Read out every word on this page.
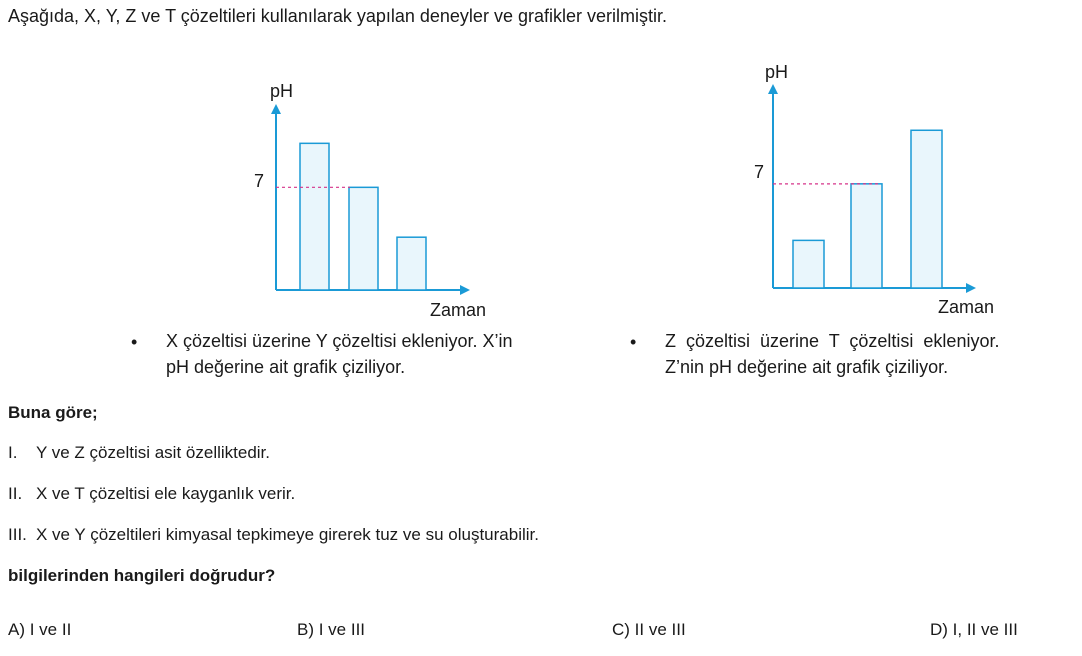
Aşağıda, X, Y, Z ve T çözeltileri kullanılarak yapılan deneyler ve grafikler verilmiştir.
pH
Zaman
7
pH
Zaman
7
• X çözeltisi üzerine Y çözeltisi ekleniyor. X’in
pH değerine ait grafik çiziliyor.
• Z  çözeltisi  üzerine  T  çözeltisi  ekleniyor.
Z’nin pH değerine ait grafik çiziliyor.
Buna göre;
I. Y ve Z çözeltisi asit özelliktedir.
II. X ve T çözeltisi ele kayganlık verir.
III. X ve Y çözeltileri kimyasal tepkimeye girerek tuz ve su oluşturabilir.
bilgilerinden hangileri doğrudur?
A) I ve II	B) I ve III	C) II ve III	D) I, II ve III
